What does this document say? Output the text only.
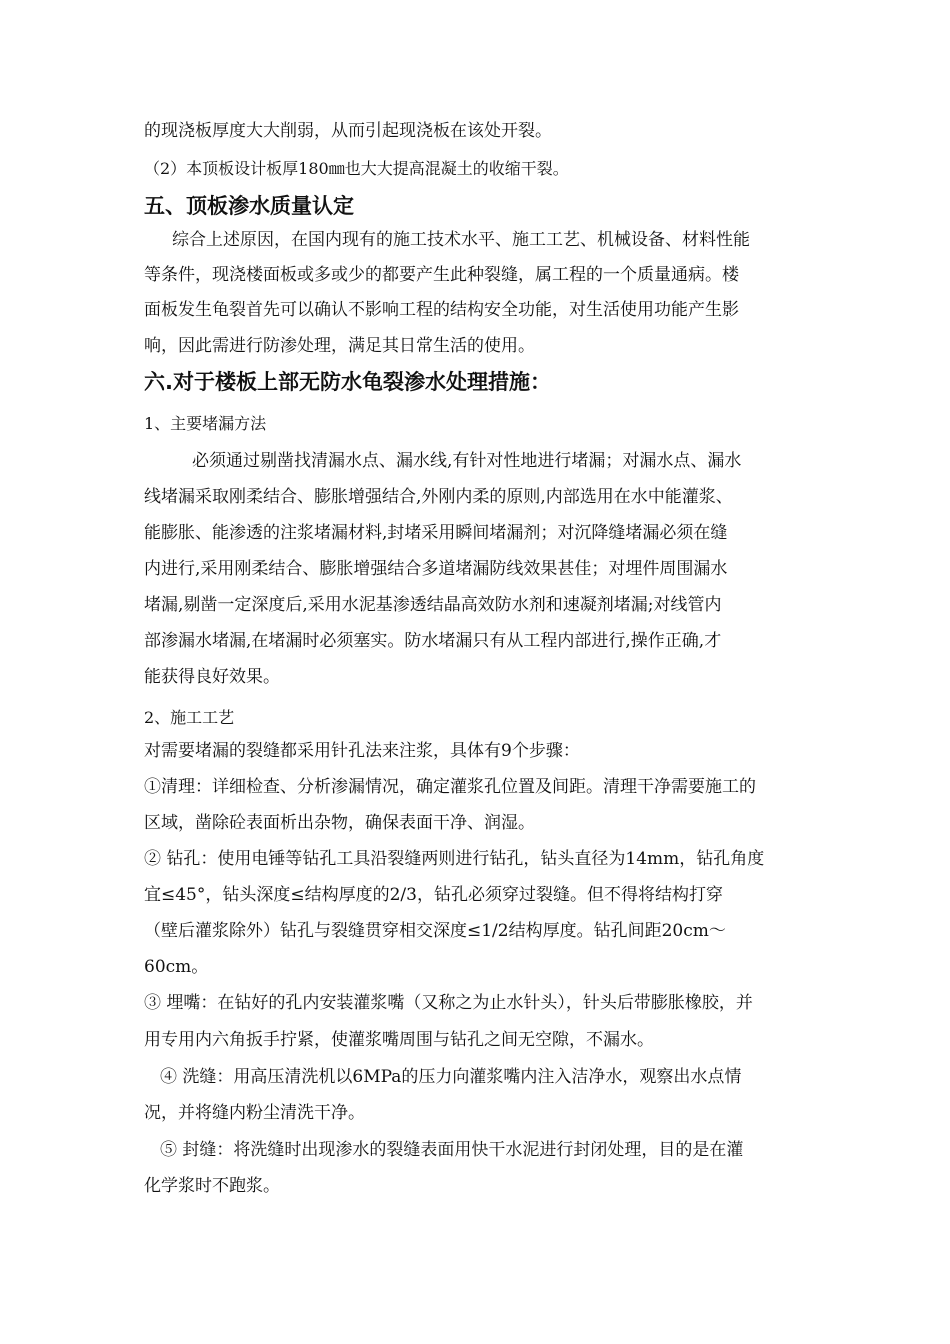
的现浇板厚度大大削弱，从而引起现浇板在该处开裂。
（2）本顶板设计板厚180㎜也大大提高混凝土的收缩干裂。
五、顶板渗水质量认定
综合上述原因，在国内现有的施工技术水平、施工工艺、机械设备、材料性能
等条件，现浇楼面板或多或少的都要产生此种裂缝，属工程的一个质量通病。楼
面板发生龟裂首先可以确认不影响工程的结构安全功能，对生活使用功能产生影
响，因此需进行防渗处理，满足其日常生活的使用。
六.对于楼板上部无防水龟裂渗水处理措施：
1、主要堵漏方法
必须通过剔凿找清漏水点、漏水线,有针对性地进行堵漏；对漏水点、漏水
线堵漏采取刚柔结合、膨胀增强结合,外刚内柔的原则,内部选用在水中能灌浆、
能膨胀、能渗透的注浆堵漏材料,封堵采用瞬间堵漏剂；对沉降缝堵漏必须在缝
内进行,采用刚柔结合、膨胀增强结合多道堵漏防线效果甚佳；对埋件周围漏水
堵漏,剔凿一定深度后,采用水泥基渗透结晶高效防水剂和速凝剂堵漏;对线管内
部渗漏水堵漏,在堵漏时必须塞实。防水堵漏只有从工程内部进行,操作正确,才
能获得良好效果。
2、施工工艺
对需要堵漏的裂缝都采用针孔法来注浆，具体有9个步骤：
①清理：详细检查、分析渗漏情况，确定灌浆孔位置及间距。清理干净需要施工的
区域，凿除砼表面析出杂物，确保表面干净、润湿。
② 钻孔：使用电锤等钻孔工具沿裂缝两则进行钻孔，钻头直径为14mm，钻孔角度
宜≤45°，钻头深度≤结构厚度的2/3，钻孔必须穿过裂缝。但不得将结构打穿
（壁后灌浆除外）钻孔与裂缝贯穿相交深度≤1/2结构厚度。钻孔间距20cm～
60cm。
③ 埋嘴：在钻好的孔内安装灌浆嘴（又称之为止水针头），针头后带膨胀橡胶，并
用专用内六角扳手拧紧，使灌浆嘴周围与钻孔之间无空隙，不漏水。
④ 洗缝：用高压清洗机以6MPa的压力向灌浆嘴内注入洁净水，观察出水点情
况，并将缝内粉尘清洗干净。
⑤ 封缝：将洗缝时出现渗水的裂缝表面用快干水泥进行封闭处理，目的是在灌
化学浆时不跑浆。
